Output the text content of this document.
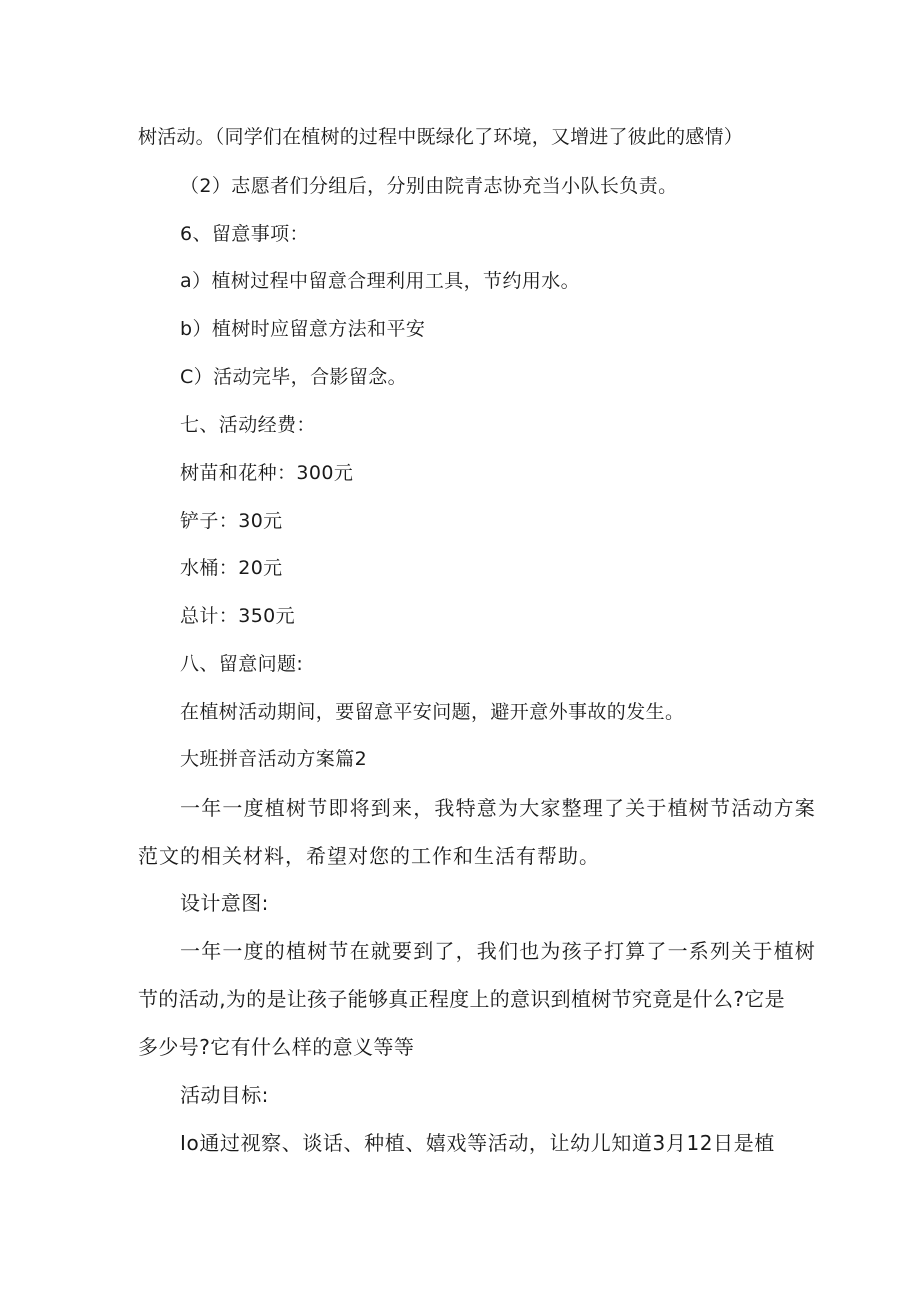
树活动。（同学们在植树的过程中既绿化了环境，又增进了彼此的感情）
（2）志愿者们分组后，分别由院青志协充当小队长负责。
6、留意事项：
a）植树过程中留意合理利用工具，节约用水。
b）植树时应留意方法和平安
C）活动完毕，合影留念。
七、活动经费：
树苗和花种：300元
铲子：30元
水桶：20元
总计：350元
八、留意问题:
在植树活动期间，要留意平安问题，避开意外事故的发生。
大班拼音活动方案篇2
一年一度植树节即将到来，我特意为大家整理了关于植树节活动方案
范文的相关材料，希望对您的工作和生活有帮助。
设计意图:
一年一度的植树节在就要到了，我们也为孩子打算了一系列关于植树
节的活动,为的是让孩子能够真正程度上的意识到植树节究竟是什么?它是
多少号?它有什么样的意义等等
活动目标:
Io通过视察、谈话、种植、嬉戏等活动，让幼儿知道3月12日是植
